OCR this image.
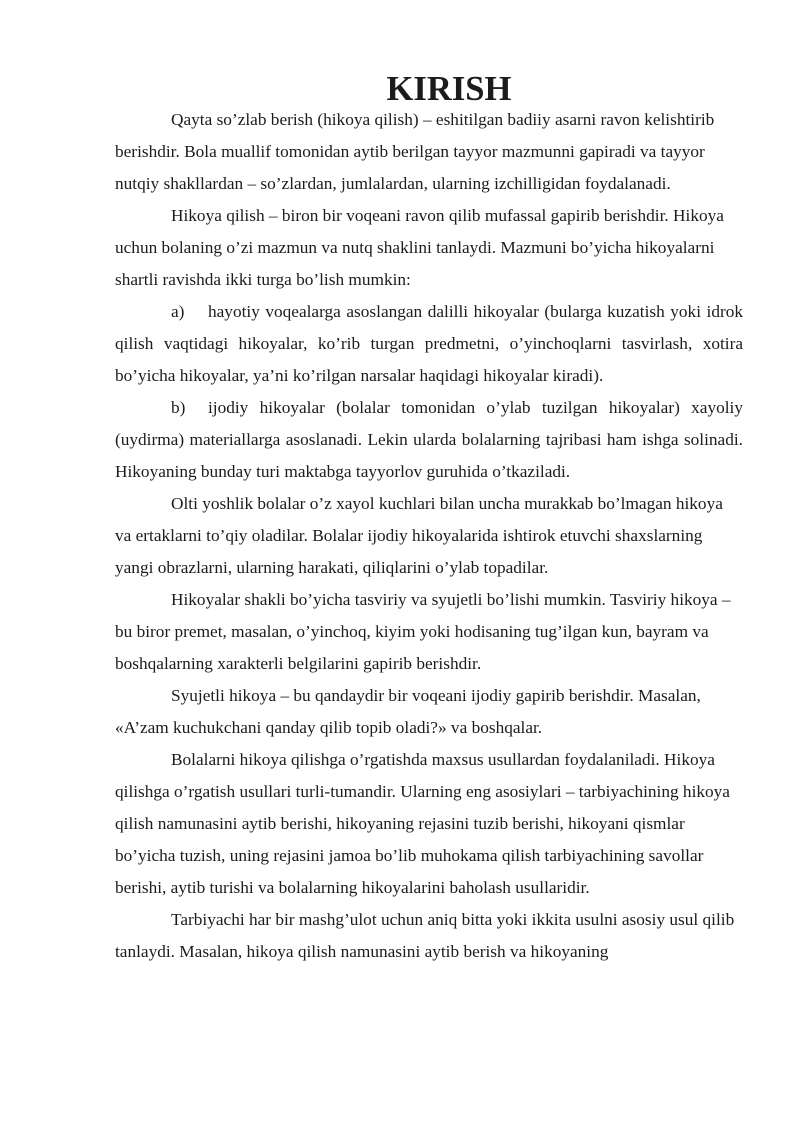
KIRISH

Qayta so’zlab berish (hikoya qilish) – eshitilgan badiiy asarni ravon kelishtirib berishdir. Bola muallif tomonidan aytib berilgan tayyor mazmunni gapiradi va tayyor nutqiy shakllardan – so’zlardan, jumlalardan, ularning izchilligidan foydalanadi.

Hikoya qilish – biron bir voqeani ravon qilib mufassal gapirib berishdir. Hikoya uchun bolaning o’zi mazmun va nutq shaklini tanlaydi. Mazmuni bo’yicha hikoyalarni shartli ravishda ikki turga bo’lish mumkin:

a) hayotiy voqealarga asoslangan dalilli hikoyalar (bularga kuzatish yoki idrok qilish vaqtidagi hikoyalar, ko’rib turgan predmetni, o’yinchoqlarni tasvirlash, xotira bo’yicha hikoyalar, ya’ni ko’rilgan narsalar haqidagi hikoyalar kiradi).

b) ijodiy hikoyalar (bolalar tomonidan o’ylab tuzilgan hikoyalar) xayoliy (uydirma) materiallarga asoslanadi. Lekin ularda bolalarning tajribasi ham ishga solinadi. Hikoyaning bunday turi maktabga tayyorlov guruhida o’tkaziladi.

Olti yoshlik bolalar o’z xayol kuchlari bilan uncha murakkab bo’lmagan hikoya va ertaklarni to’qiy oladilar. Bolalar ijodiy hikoyalarida ishtirok etuvchi shaxslarning yangi obrazlarni, ularning harakati, qiliqlarini o’ylab topadilar.

Hikoyalar shakli bo’yicha tasviriy va syujetli bo’lishi mumkin. Tasviriy hikoya – bu biror premet, masalan, o’yinchoq, kiyim yoki hodisaning tug’ilgan kun, bayram va boshqalarning xarakterli belgilarini gapirib berishdir.

Syujetli hikoya – bu qandaydir bir voqeani ijodiy gapirib berishdir. Masalan, «A’zam kuchukchani qanday qilib topib oladi?» va boshqalar.

Bolalarni hikoya qilishga o’rgatishda maxsus usullardan foydalaniladi. Hikoya qilishga o’rgatish usullari turli-tumandir. Ularning eng asosiylari – tarbiyachining hikoya qilish namunasini aytib berishi, hikoyaning rejasini tuzib berishi, hikoyani qismlar bo’yicha tuzish, uning rejasini jamoa bo’lib muhokama qilish tarbiyachining savollar berishi, aytib turishi va bolalarning hikoyalarini baholash usullaridir.

Tarbiyachi har bir mashg’ulot uchun aniq bitta yoki ikkita usulni asosiy usul qilib tanlaydi. Masalan, hikoya qilish namunasini aytib berish va hikoyaning
